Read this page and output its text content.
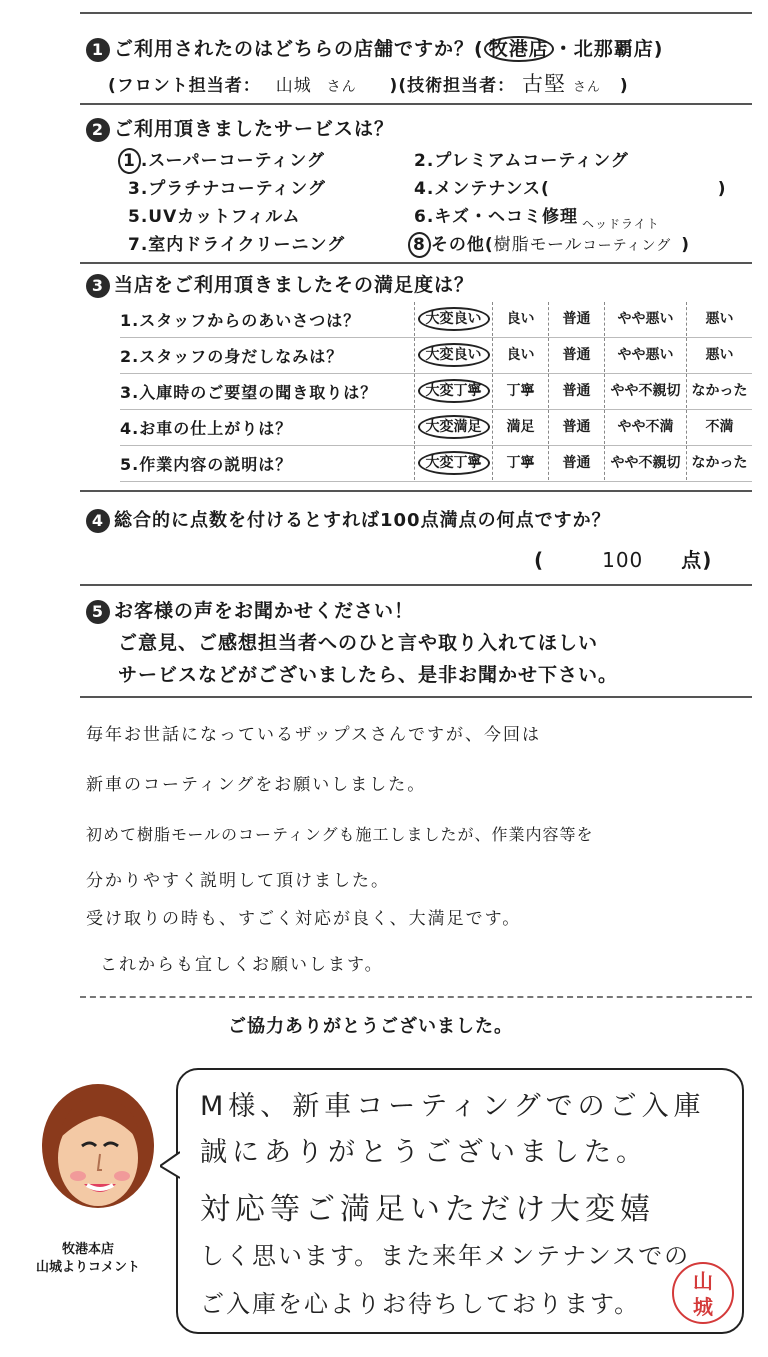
1 ご利用されたのはどちらの店舗ですか？( 牧港店 ・北那覇店)
(フロント担当者： 山城 さん )(技術担当者： 古堅 さん )
2 ご利用頂きましたサービスは？
1 .スーパーコーティング	2.プレミアムコーティング
3.プラチナコーティング	4.メンテナンス(	)
5.UVカットフィルム	6.キズ・ヘコミ修理 $_{ヘッドライト}$
7.室内ドライクリーニング	8 その他(樹脂モールコーティング )
3 当店をご利用頂きましたその満足度は？
1.スタッフからのあいさつは？	大変良い	良い	普通	やや悪い	悪い
2.スタッフの身だしなみは？	大変良い	良い	普通	やや悪い	悪い
3.入庫時のご要望の聞き取りは？	大変丁寧	丁寧	普通	やや不親切 なかった
4.お車の仕上がりは？	大変満足	満足	普通	やや不満	不満
5.作業内容の説明は？	大変丁寧	丁寧	普通	やや不親切 なかった
4 総合的に点数を付けるとすれば100点満点の何点ですか？
(	100 点)
5 お客様の声をお聞かせください！
ご意見、ご感想担当者へのひと言や取り入れてほしい
サービスなどがございましたら、是非お聞かせ下さい。
毎年お世話になっているザップスさんですが、今回は
新車のコーティングをお願いしました。
初めて樹脂モールのコーティングも施工しましたが、作業内容等を
分かりやすく説明して頂けました。
受け取りの時も、すごく対応が良く、大満足です。
これからも宜しくお願いします。
ご協力ありがとうございました。
牧港本店
山城よりコメント
M様、新車コーティングでのご入庫
誠にありがとうございました。
対応等ご満足いただけ大変嬉
しく思います。また来年メンテナンスでの
ご入庫を心よりお待ちしております。
山
城
